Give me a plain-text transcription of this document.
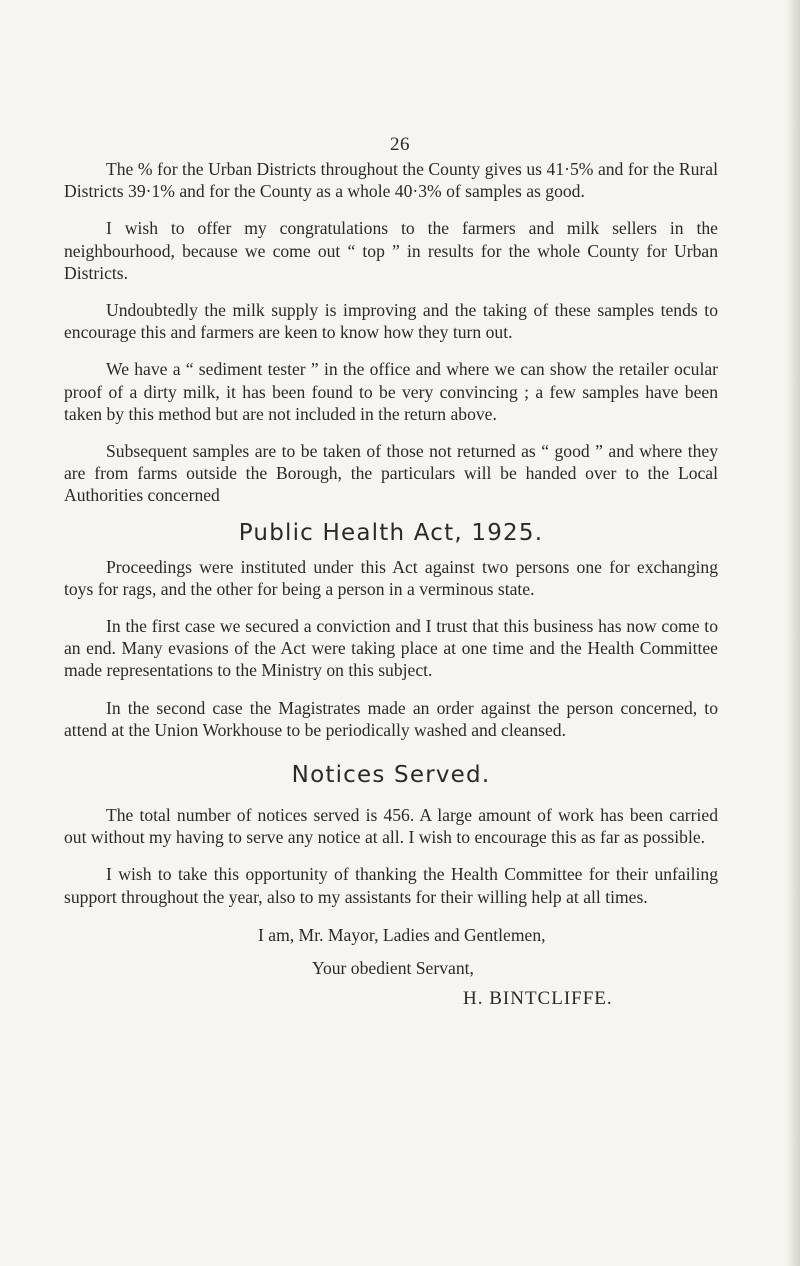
26

The % for the Urban Districts throughout the County gives us 41·5% and for the Rural Districts 39·1% and for the County as a whole 40·3% of samples as good.

I wish to offer my congratulations to the farmers and milk sellers in the neighbourhood, because we come out “ top ” in results for the whole County for Urban Districts.

Undoubtedly the milk supply is improving and the taking of these samples tends to encourage this and farmers are keen to know how they turn out.

We have a “ sediment tester ” in the office and where we can show the retailer ocular proof of a dirty milk, it has been found to be very convincing ; a few samples have been taken by this method but are not included in the return above.

Subsequent samples are to be taken of those not returned as “ good ” and where they are from farms outside the Borough, the particulars will be handed over to the Local Authorities concerned

Public Health Act, 1925.

Proceedings were instituted under this Act against two persons one for exchanging toys for rags, and the other for being a person in a verminous state.

In the first case we secured a conviction and I trust that this business has now come to an end. Many evasions of the Act were taking place at one time and the Health Committee made representations to the Ministry on this subject.

In the second case the Magistrates made an order against the person concerned, to attend at the Union Workhouse to be periodically washed and cleansed.

Notices Served.

The total number of notices served is 456. A large amount of work has been carried out without my having to serve any notice at all. I wish to encourage this as far as possible.

I wish to take this opportunity of thanking the Health Committee for their unfailing support throughout the year, also to my assistants for their willing help at all times.

I am, Mr. Mayor, Ladies and Gentlemen,
Your obedient Servant,
H. BINTCLIFFE.
